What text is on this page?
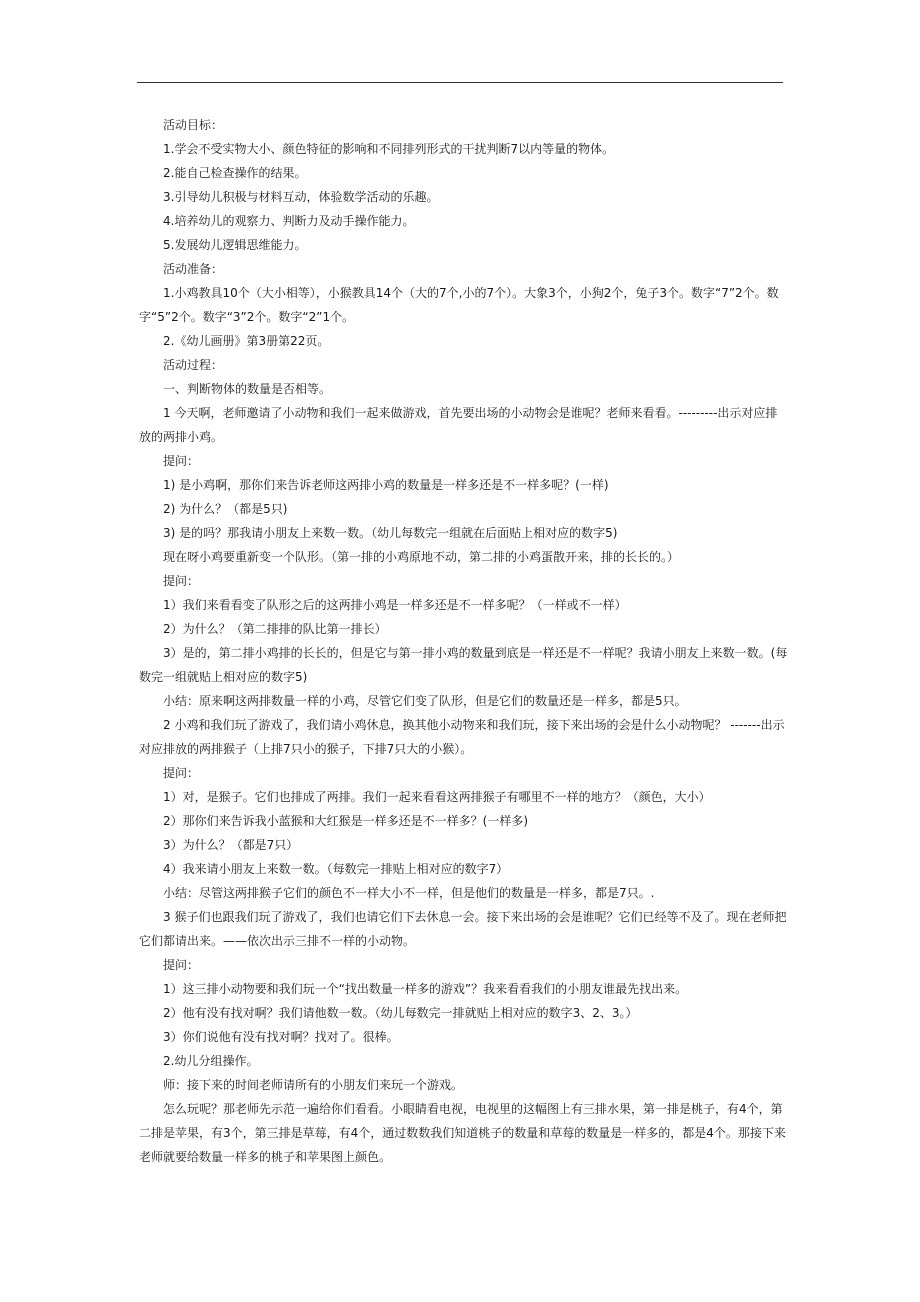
活动目标：

1.学会不受实物大小、颜色特征的影响和不同排列形式的干扰判断7以内等量的物体。

2.能自己检查操作的结果。

3.引导幼儿积极与材料互动，体验数学活动的乐趣。

4.培养幼儿的观察力、判断力及动手操作能力。

5.发展幼儿逻辑思维能力。

活动准备：

1.小鸡教具10个（大小相等），小猴教具14个（大的7个,小的7个）。大象3个，小狗2个，兔子3个。数字“7”2个。数字“5”2个。数字“3”2个。数字“2”1个。

2.《幼儿画册》第3册第22页。

活动过程：

一、判断物体的数量是否相等。

1 今天啊，老师邀请了小动物和我们一起来做游戏，首先要出场的小动物会是谁呢？老师来看看。---------出示对应排放的两排小鸡。

提问：

1) 是小鸡啊，那你们来告诉老师这两排小鸡的数量是一样多还是不一样多呢？(一样)

2) 为什么？（都是5只)

3) 是的吗？那我请小朋友上来数一数。（幼儿每数完一组就在后面贴上相对应的数字5)

现在呀小鸡要重新变一个队形。（第一排的小鸡原地不动，第二排的小鸡蛋散开来，排的长长的。）

提问：

1）我们来看看变了队形之后的这两排小鸡是一样多还是不一样多呢？（一样或不一样）

2）为什么？（第二排排的队比第一排长）

3）是的，第二排小鸡排的长长的，但是它与第一排小鸡的数量到底是一样还是不一样呢？我请小朋友上来数一数。(每数完一组就贴上相对应的数字5)

小结：原来啊这两排数量一样的小鸡，尽管它们变了队形，但是它们的数量还是一样多，都是5只。

2 小鸡和我们玩了游戏了，我们请小鸡休息，换其他小动物来和我们玩，接下来出场的会是什么小动物呢？ -------出示对应排放的两排猴子（上排7只小的猴子，下排7只大的小猴）。

提问：

1）对，是猴子。它们也排成了两排。我们一起来看看这两排猴子有哪里不一样的地方？（颜色，大小）

2）那你们来告诉我小蓝猴和大红猴是一样多还是不一样多？(一样多)

3）为什么？（都是7只）

4）我来请小朋友上来数一数。（每数完一排贴上相对应的数字7）

小结：尽管这两排猴子它们的颜色不一样大小不一样，但是他们的数量是一样多，都是7只。.

3 猴子们也跟我们玩了游戏了，我们也请它们下去休息一会。接下来出场的会是谁呢？它们已经等不及了。现在老师把它们都请出来。——依次出示三排不一样的小动物。

提问：

1）这三排小动物要和我们玩一个“找出数量一样多的游戏”？我来看看我们的小朋友谁最先找出来。

2）他有没有找对啊？我们请他数一数。（幼儿每数完一排就贴上相对应的数字3、2、3。）

3）你们说他有没有找对啊？找对了。很棒。

2.幼儿分组操作。

师：接下来的时间老师请所有的小朋友们来玩一个游戏。

怎么玩呢？那老师先示范一遍给你们看看。小眼睛看电视，电视里的这幅图上有三排水果，第一排是桃子，有4个，第二排是苹果，有3个，第三排是草莓，有4个，通过数数我们知道桃子的数量和草莓的数量是一样多的，都是4个。那接下来老师就要给数量一样多的桃子和苹果图上颜色。
